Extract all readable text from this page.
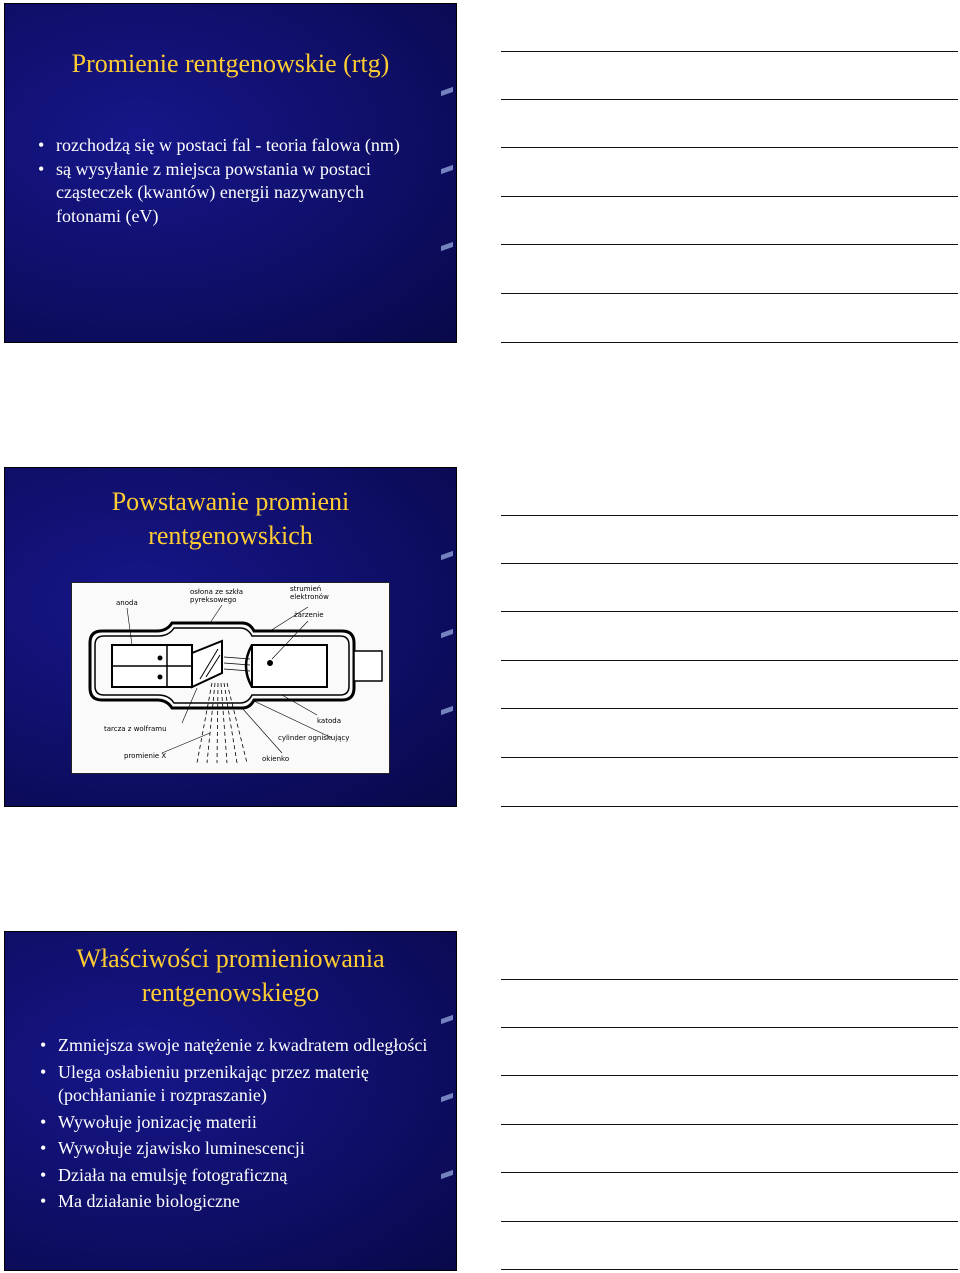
Promienie rentgenowskie (rtg)
• rozchodzą się w postaci fal - teoria falowa (nm)
• są wysyłanie z miejsca powstania w postaci cząsteczek (kwantów) energii nazywanych fotonami (eV)
Powstawanie promieni
rentgenowskich
anoda
osłona ze szkła
pyreksowego
strumień
elektronów
żarzenie
katoda
cylinder ogniskujący
tarcza z wolframu
promienie X	okienko
Właściwości promieniowania
rentgenowskiego
• Zmniejsza swoje natężenie z kwadratem odległości
• Ulega osłabieniu przenikając przez materię (pochłanianie i rozpraszanie)
• Wywołuje jonizację materii
• Wywołuje zjawisko luminescencji
• Działa na emulsję fotograficzną
• Ma działanie biologiczne
